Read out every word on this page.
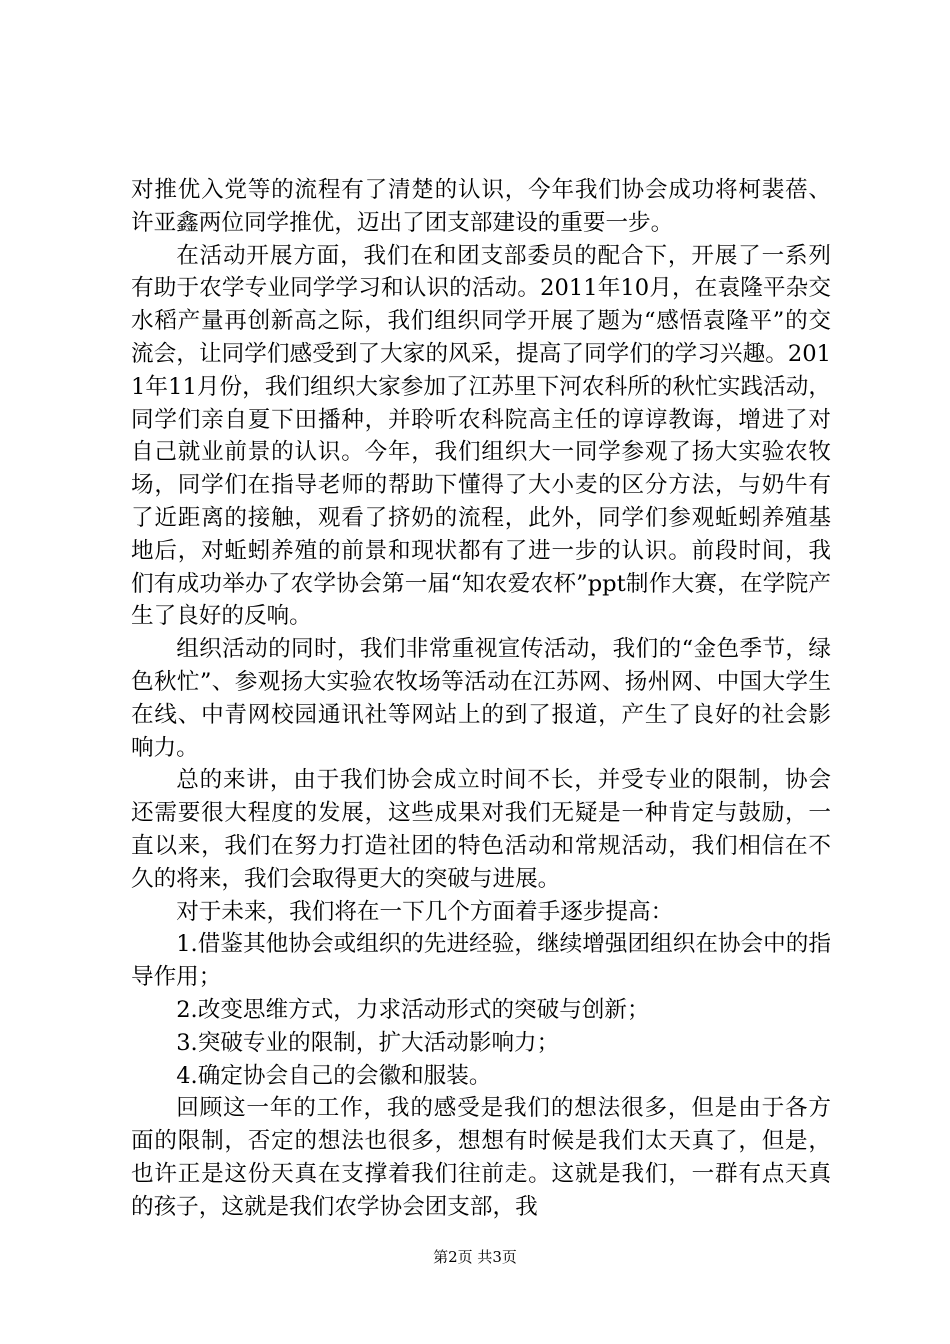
对推优入党等的流程有了清楚的认识，今年我们协会成功将柯裴蓓、许亚鑫两位同学推优，迈出了团支部建设的重要一步。

在活动开展方面，我们在和团支部委员的配合下，开展了一系列有助于农学专业同学学习和认识的活动。2011年10月，在袁隆平杂交水稻产量再创新高之际，我们组织同学开展了题为“感悟袁隆平”的交流会，让同学们感受到了大家的风采，提高了同学们的学习兴趣。2011年11月份，我们组织大家参加了江苏里下河农科所的秋忙实践活动，同学们亲自夏下田播种，并聆听农科院高主任的谆谆教诲，增进了对自己就业前景的认识。今年，我们组织大一同学参观了扬大实验农牧场，同学们在指导老师的帮助下懂得了大小麦的区分方法，与奶牛有了近距离的接触，观看了挤奶的流程，此外，同学们参观蚯蚓养殖基地后，对蚯蚓养殖的前景和现状都有了进一步的认识。前段时间，我们有成功举办了农学协会第一届“知农爱农杯”ppt制作大赛，在学院产生了良好的反响。

组织活动的同时，我们非常重视宣传活动，我们的“金色季节，绿色秋忙”、参观扬大实验农牧场等活动在江苏网、扬州网、中国大学生在线、中青网校园通讯社等网站上的到了报道，产生了良好的社会影响力。

总的来讲，由于我们协会成立时间不长，并受专业的限制，协会还需要很大程度的发展，这些成果对我们无疑是一种肯定与鼓励，一直以来，我们在努力打造社团的特色活动和常规活动，我们相信在不久的将来，我们会取得更大的突破与进展。

对于未来，我们将在一下几个方面着手逐步提高：

1.借鉴其他协会或组织的先进经验，继续增强团组织在协会中的指导作用；

2.改变思维方式，力求活动形式的突破与创新；

3.突破专业的限制，扩大活动影响力；

4.确定协会自己的会徽和服装。

回顾这一年的工作，我的感受是我们的想法很多，但是由于各方面的限制，否定的想法也很多，想想有时候是我们太天真了，但是，也许正是这份天真在支撑着我们往前走。这就是我们，一群有点天真的孩子，这就是我们农学协会团支部，我

第2页 共3页
